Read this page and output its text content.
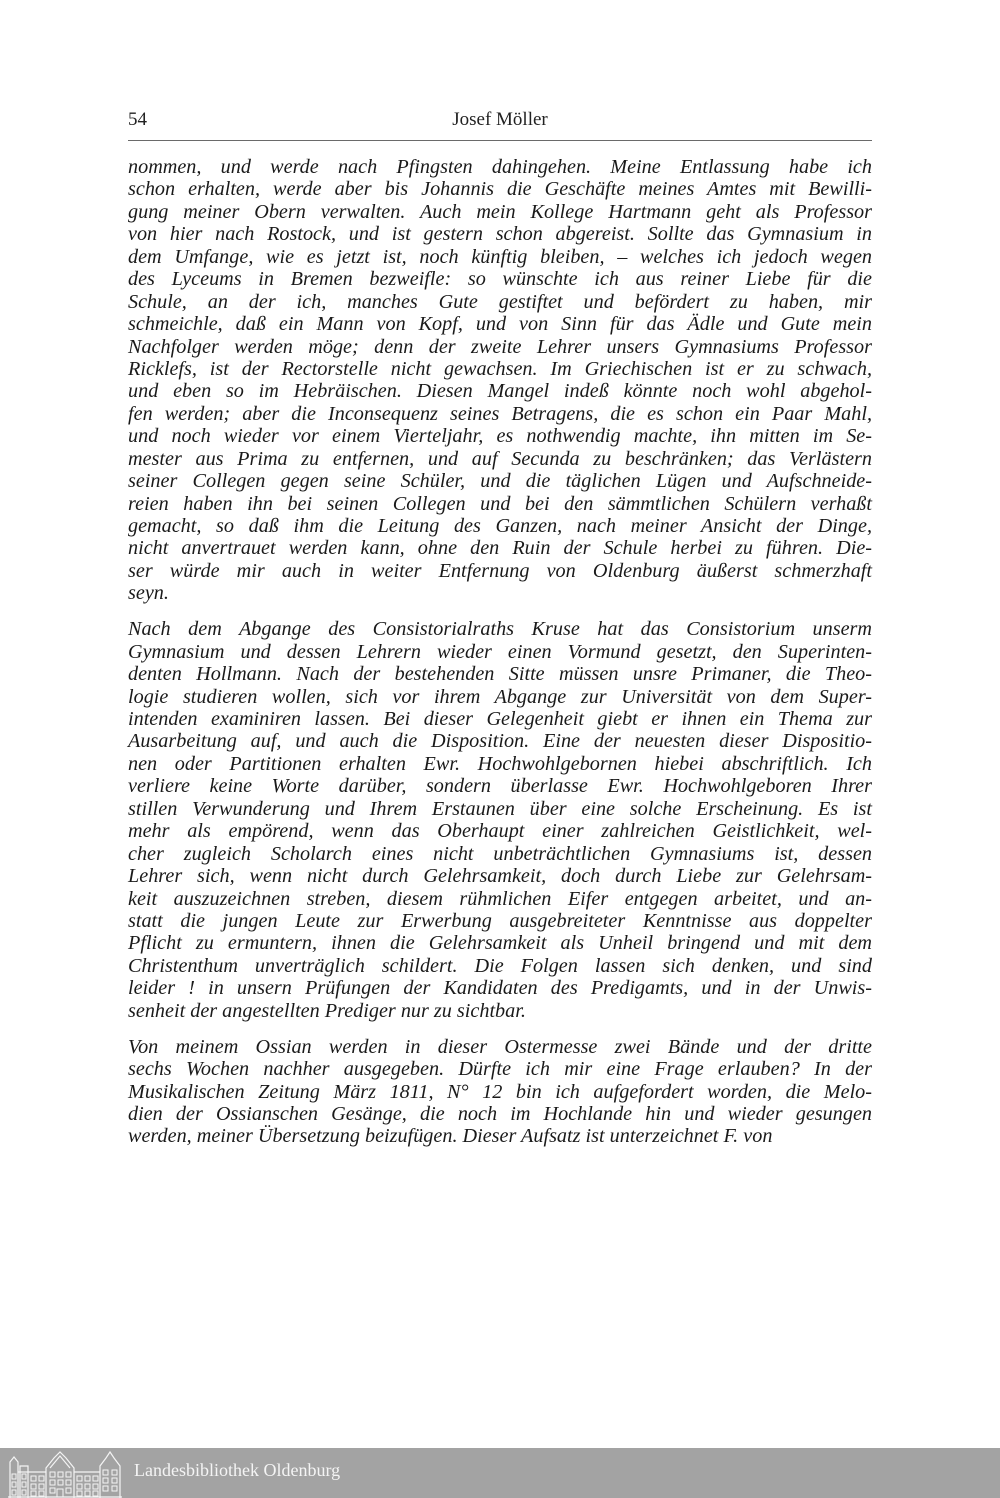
54	Josef Möller

nommen, und werde nach Pfingsten dahingehen. Meine Entlassung habe ich
schon erhalten, werde aber bis Johannis die Geschäfte meines Amtes mit Bewilli-
gung meiner Obern verwalten. Auch mein Kollege Hartmann geht als Professor
von hier nach Rostock, und ist gestern schon abgereist. Sollte das Gymnasium in
dem Umfange, wie es jetzt ist, noch künftig bleiben, – welches ich jedoch wegen
des Lyceums in Bremen bezweifle: so wünschte ich aus reiner Liebe für die
Schule, an der ich, manches Gute gestiftet und befördert zu haben, mir
schmeichle, daß ein Mann von Kopf, und von Sinn für das Ädle und Gute mein
Nachfolger werden möge; denn der zweite Lehrer unsers Gymnasiums Professor
Ricklefs, ist der Rectorstelle nicht gewachsen. Im Griechischen ist er zu schwach,
und eben so im Hebräischen. Diesen Mangel indeß könnte noch wohl abgehol-
fen werden; aber die Inconsequenz seines Betragens, die es schon ein Paar Mahl,
und noch wieder vor einem Vierteljahr, es nothwendig machte, ihn mitten im Se-
mester aus Prima zu entfernen, und auf Secunda zu beschränken; das Verlästern
seiner Collegen gegen seine Schüler, und die täglichen Lügen und Aufschneide-
reien haben ihn bei seinen Collegen und bei den sämmtlichen Schülern verhaßt
gemacht, so daß ihm die Leitung des Ganzen, nach meiner Ansicht der Dinge,
nicht anvertrauet werden kann, ohne den Ruin der Schule herbei zu führen. Die-
ser würde mir auch in weiter Entfernung von Oldenburg äußerst schmerzhaft
seyn.

Nach dem Abgange des Consistorialraths Kruse hat das Consistorium unserm
Gymnasium und dessen Lehrern wieder einen Vormund gesetzt, den Superinten-
denten Hollmann. Nach der bestehenden Sitte müssen unsre Primaner, die Theo-
logie studieren wollen, sich vor ihrem Abgange zur Universität von dem Super-
intenden examiniren lassen. Bei dieser Gelegenheit giebt er ihnen ein Thema zur
Ausarbeitung auf, und auch die Disposition. Eine der neuesten dieser Dispositio-
nen oder Partitionen erhalten Ewr. Hochwohlgebornen hiebei abschriftlich. Ich
verliere keine Worte darüber, sondern überlasse Ewr. Hochwohlgeboren Ihrer
stillen Verwunderung und Ihrem Erstaunen über eine solche Erscheinung. Es ist
mehr als empörend, wenn das Oberhaupt einer zahlreichen Geistlichkeit, wel-
cher zugleich Scholarch eines nicht unbeträchtlichen Gymnasiums ist, dessen
Lehrer sich, wenn nicht durch Gelehrsamkeit, doch durch Liebe zur Gelehrsam-
keit auszuzeichnen streben, diesem rühmlichen Eifer entgegen arbeitet, und an-
statt die jungen Leute zur Erwerbung ausgebreiteter Kenntnisse aus doppelter
Pflicht zu ermuntern, ihnen die Gelehrsamkeit als Unheil bringend und mit dem
Christenthum unverträglich schildert. Die Folgen lassen sich denken, und sind
leider ! in unsern Prüfungen der Kandidaten des Predigamts, und in der Unwis-
senheit der angestellten Prediger nur zu sichtbar.

Von meinem Ossian werden in dieser Ostermesse zwei Bände und der dritte
sechs Wochen nachher ausgegeben. Dürfte ich mir eine Frage erlauben? In der
Musikalischen Zeitung März 1811, N° 12 bin ich aufgefordert worden, die Melo-
dien der Ossianschen Gesänge, die noch im Hochlande hin und wieder gesungen
werden, meiner Übersetzung beizufügen. Dieser Aufsatz ist unterzeichnet F. von

Landesbibliothek Oldenburg
